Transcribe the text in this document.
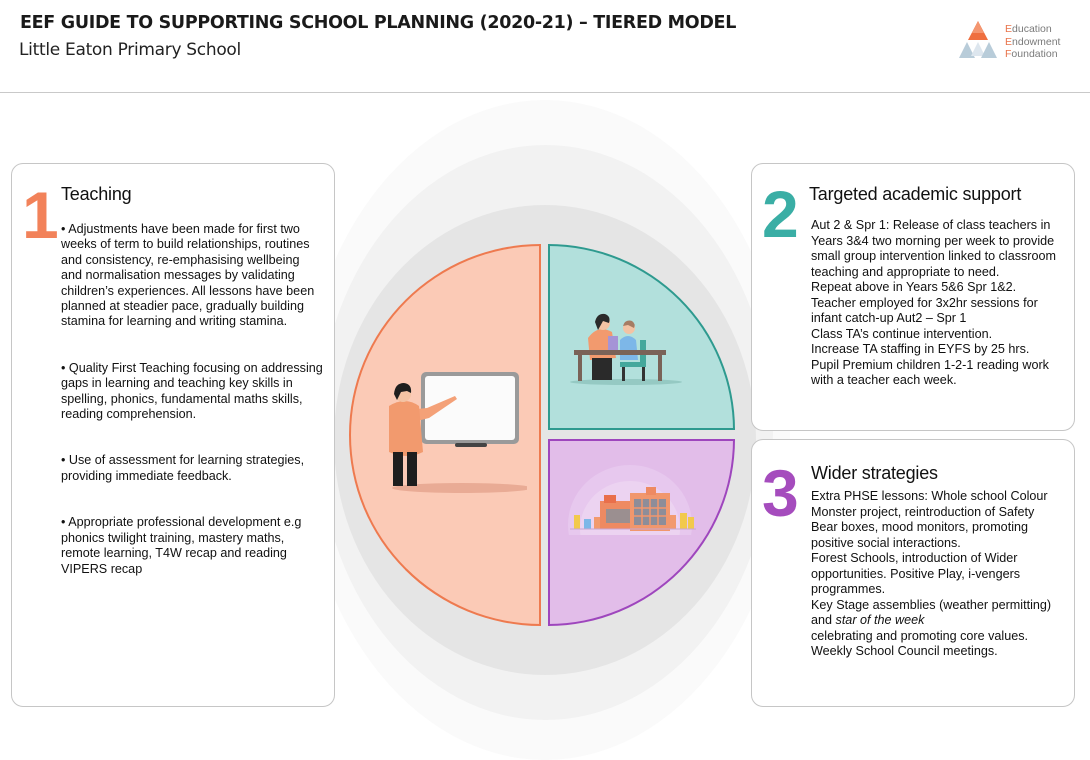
EEF GUIDE TO SUPPORTING SCHOOL PLANNING (2020-21) – TIERED MODEL
Little Eaton Primary School
Education
Endowment
Foundation
1 Teaching

• Adjustments have been made for first two weeks of term to build relationships, routines and consistency, re-emphasising wellbeing and normalisation messages by validating children’s experiences. All lessons have been planned at steadier pace, gradually building stamina for learning and writing stamina.

• Quality First Teaching focusing on addressing gaps in learning and teaching key skills in spelling, phonics, fundamental maths skills, reading comprehension.

• Use of assessment for learning strategies, providing immediate feedback.

• Appropriate professional development e.g phonics twilight training, mastery maths, remote learning, T4W recap and reading VIPERS recap

2 Targeted academic support
Aut 2 & Spr 1: Release of class teachers in Years 3&4 two morning per week to provide small group intervention linked to classroom teaching and appropriate to need.
Repeat above in Years 5&6 Spr 1&2.
Teacher employed for 3x2hr sessions for infant catch-up Aut2 – Spr 1
Class TA’s continue intervention.
Increase TA staffing in EYFS by 25 hrs.
Pupil Premium children 1-2-1 reading work with a teacher each week.
3 Wider strategies
Extra PHSE lessons: Whole school Colour Monster project, reintroduction of Safety Bear boxes, mood monitors, promoting positive social interactions.
Forest Schools, introduction of Wider opportunities. Positive Play, i-vengers programmes.
Key Stage assemblies (weather permitting) and star of the week
celebrating and promoting core values.
Weekly School Council meetings.
